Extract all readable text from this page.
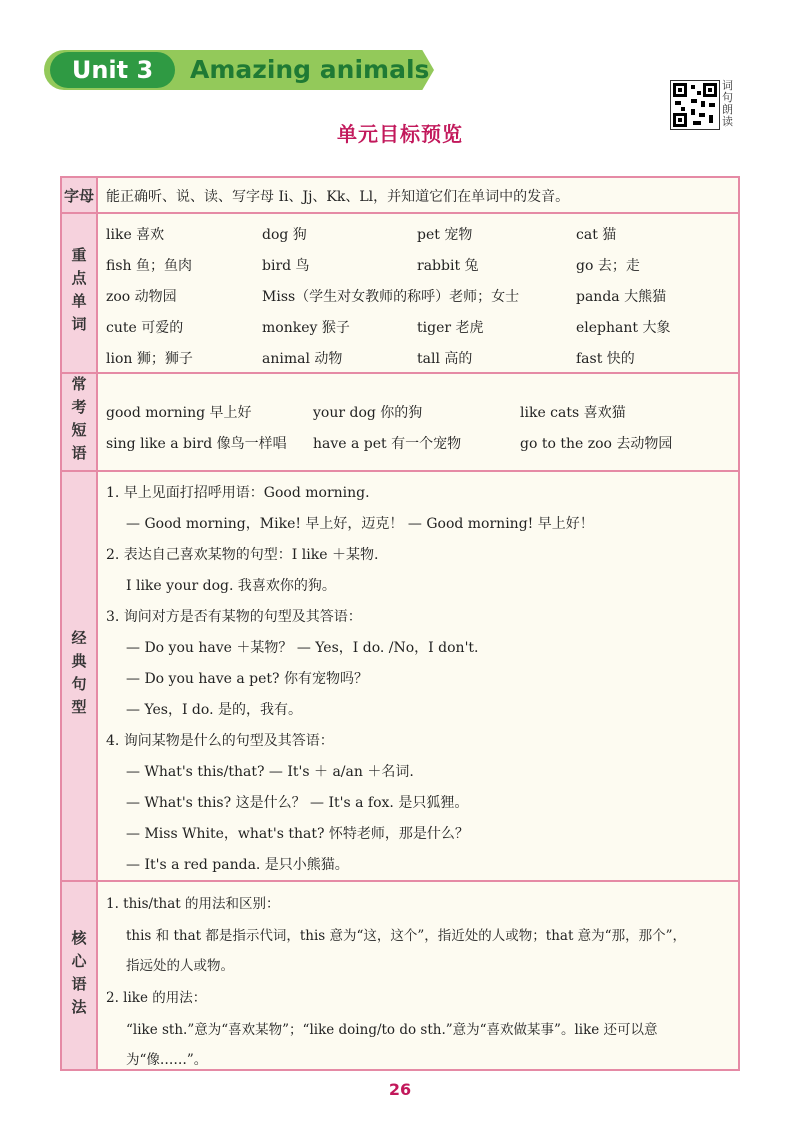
Unit 3	Amazing animals
词句朗读
单元目标预览
字母 能正确听、说、读、写字母 Ii、Jj、Kk、Ll，并知道它们在单词中的发音。
重点单词
like 喜欢	dog 狗	pet 宠物	cat 猫
fish 鱼；鱼肉	bird 鸟	rabbit 兔	go 去；走
zoo 动物园	Miss（学生对女教师的称呼）老师；女士	panda 大熊猫
cute 可爱的	monkey 猴子	tiger 老虎	elephant 大象
lion 狮；狮子	animal 动物	tall 高的	fast 快的
常考短语	good morning 早上好	your dog 你的狗	like cats 喜欢猫
sing like a bird 像鸟一样唱 have a pet 有一个宠物	go to the zoo 去动物园
经典句型
1. 早上见面打招呼用语：Good morning.
— Good morning，Mike! 早上好，迈克！ — Good morning! 早上好！
2. 表达自己喜欢某物的句型：I like ＋某物.
I like your dog. 我喜欢你的狗。
3. 询问对方是否有某物的句型及其答语：
— Do you have ＋某物？ — Yes，I do. /No，I don't.
— Do you have a pet? 你有宠物吗？
— Yes，I do. 是的，我有。
4. 询问某物是什么的句型及其答语：
— What's this/that? — It's ＋ a/an ＋名词.
— What's this? 这是什么？ — It's a fox. 是只狐狸。
— Miss White，what's that? 怀特老师，那是什么？
— It's a red panda. 是只小熊猫。
核心语法
1. this/that 的用法和区别：
this 和 that 都是指示代词，this 意为“这，这个”，指近处的人或物；that 意为“那，那个”，
指远处的人或物。
2. like 的用法：
“like sth.”意为“喜欢某物”；“like doing/to do sth.”意为“喜欢做某事”。like 还可以意
为“像……”。
26
